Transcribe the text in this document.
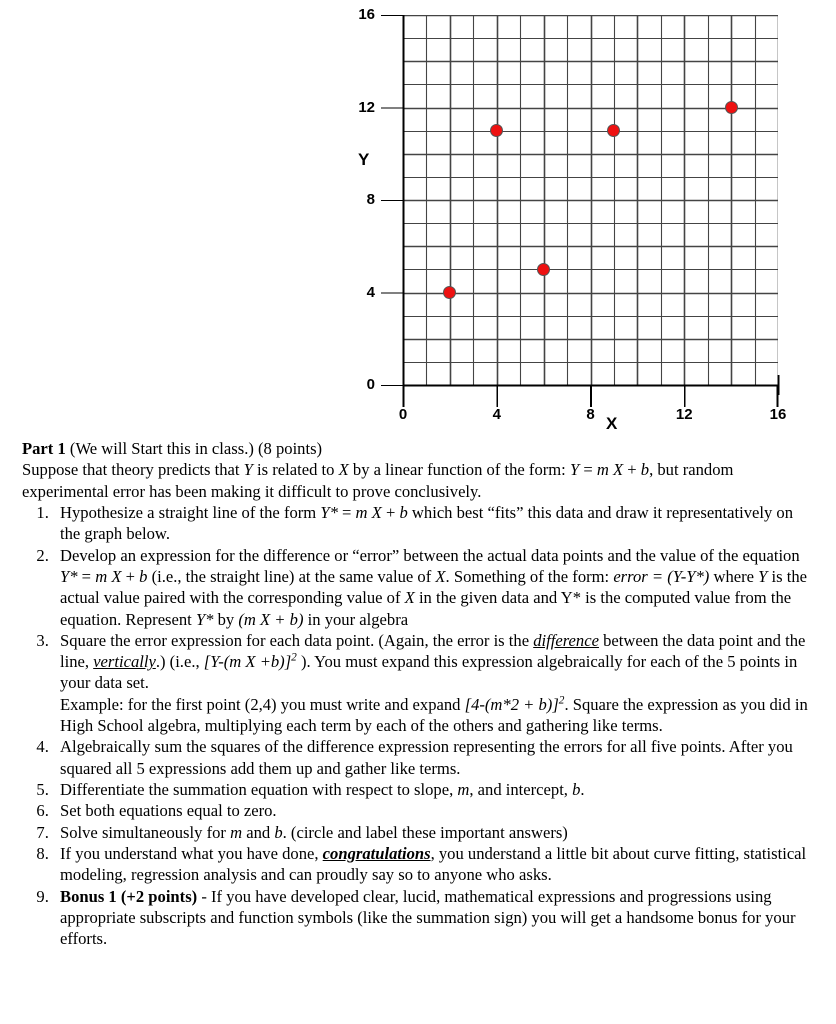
0
4
8
12
16
0	4	8	12	16
Y
X

Part 1 (We will Start this in class.) (8 points)

Suppose that theory predicts that Y is related to X by a linear function of the form: Y = m X + b, but random experimental error has been making it difficult to prove conclusively.

1. Hypothesize a straight line of the form Y* = m X + b which best “fits” this data and draw it representatively on the graph below.
2. Develop an expression for the difference or “error” between the actual data points and the value of the equation Y* = m X + b (i.e., the straight line) at the same value of X. Something of the form: error = (Y-Y*) where Y is the actual value paired with the corresponding value of X in the given data and Y* is the computed value from the equation. Represent Y* by (m X + b) in your algebra
3. Square the error expression for each data point. (Again, the error is the difference between the data point and the line, vertically.) (i.e., [Y-(m X +b)]$^2$ ). You must expand this expression algebraically for each of the 5 points in your data set.
Example: for the first point (2,4) you must write and expand $[4-(m*2 + b)]^2$. Square the expression as you did in High School algebra, multiplying each term by each of the others and gathering like terms.
4. Algebraically sum the squares of the difference expression representing the errors for all five points. After you squared all 5 expressions add them up and gather like terms.
5. Differentiate the summation equation with respect to slope, m, and intercept, b.
6. Set both equations equal to zero.
7. Solve simultaneously for m and b. (circle and label these important answers)
8. If you understand what you have done, congratulations, you understand a little bit about curve fitting, statistical modeling, regression analysis and can proudly say so to anyone who asks.
9. Bonus 1 (+2 points) - If you have developed clear, lucid, mathematical expressions and progressions using appropriate subscripts and function symbols (like the summation sign) you will get a handsome bonus for your efforts.
